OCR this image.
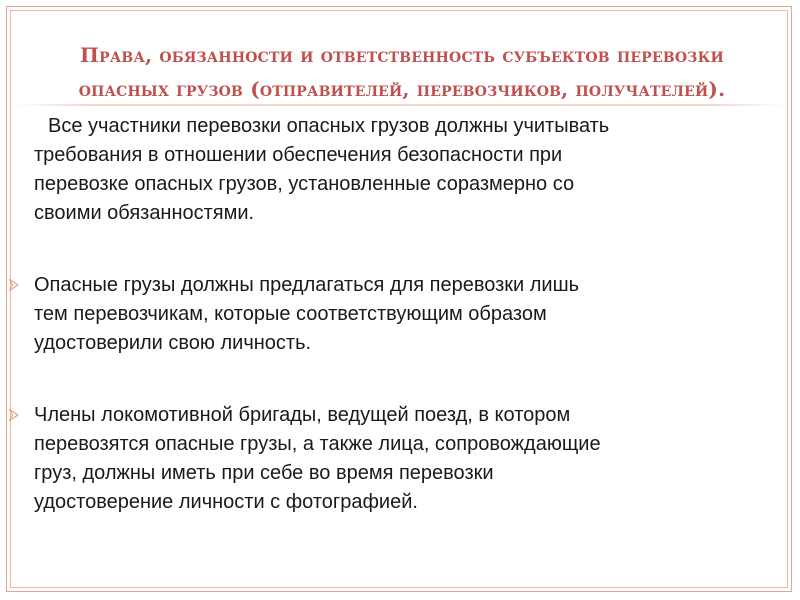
Права, обязанности и ответственность субъектов перевозки
опасных грузов (отправителей, перевозчиков, получателей).

Все участники перевозки опасных грузов должны учитывать
требования в отношении обеспечения безопасности при
перевозке опасных грузов, установленные соразмерно со
своими обязанностями.

Опасные грузы должны предлагаться для перевозки лишь
тем перевозчикам, которые соответствующим образом
удостоверили свою личность.

Члены локомотивной бригады, ведущей поезд, в котором
перевозятся опасные грузы, а также лица, сопровождающие
груз, должны иметь при себе во время перевозки
удостоверение личности с фотографией.
